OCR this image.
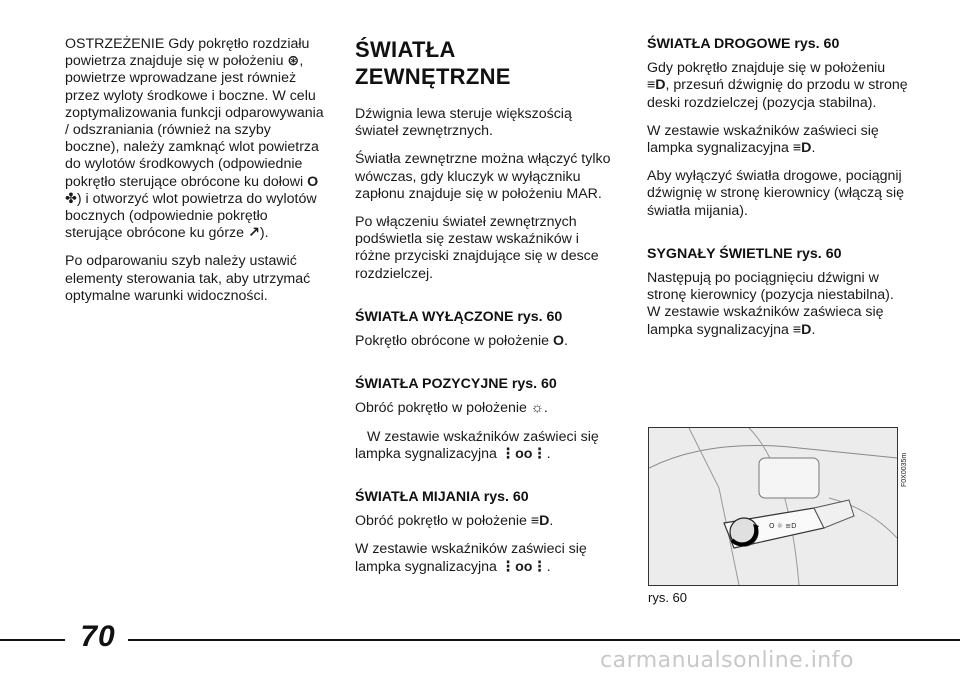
OSTRZEŻENIE Gdy pokrętło rozdziału powietrza znajduje się w położeniu ⊛, powietrze wprowadzane jest również przez wyloty środkowe i boczne. W celu zoptymalizowania funkcji odparowywania / odszraniania (również na szyby boczne), należy zamknąć wlot powietrza do wylotów środkowych (odpowiednie pokrętło sterujące obrócone ku dołowi O ✤) i otworzyć wlot powietrza do wylotów bocznych (odpowiednie pokrętło sterujące obrócone ku górze ↗).

Po odparowaniu szyb należy ustawić elementy sterowania tak, aby utrzymać optymalne warunki widoczności.

ŚWIATŁA ZEWNĘTRZNE

Dźwignia lewa steruje większością świateł zewnętrznych.

Światła zewnętrzne można włączyć tylko wówczas, gdy kluczyk w wyłączniku zapłonu znajduje się w położeniu MAR.

Po włączeniu świateł zewnętrznych podświetla się zestaw wskaźników i różne przyciski znajdujące się w desce rozdzielczej.

ŚWIATŁA WYŁĄCZONE rys. 60

Pokrętło obrócone w położenie O.

ŚWIATŁA POZYCYJNE rys. 60

Obróć pokrętło w położenie ☼.

W zestawie wskaźników zaświeci się lampka sygnalizacyjna ⋮oo⋮.

ŚWIATŁA MIJANIA rys. 60

Obróć pokrętło w położenie ≡D.

W zestawie wskaźników zaświeci się lampka sygnalizacyjna ⋮oo⋮.

ŚWIATŁA DROGOWE rys. 60

Gdy pokrętło znajduje się w położeniu ≡D, przesuń dźwignię do przodu w stronę deski rozdzielczej (pozycja stabilna).

W zestawie wskaźników zaświeci się lampka sygnalizacyjna ≡D.

Aby wyłączyć światła drogowe, pociągnij dźwignię w stronę kierownicy (włączą się światła mijania).

SYGNAŁY ŚWIETLNE rys. 60

Następują po pociągnięciu dźwigni w stronę kierownicy (pozycja niestabilna). W zestawie wskaźników zaświeca się lampka sygnalizacyjna ≡D.

O ☼ ≡D
F0X0035m
rys. 60
70
carmanualsonline.info
